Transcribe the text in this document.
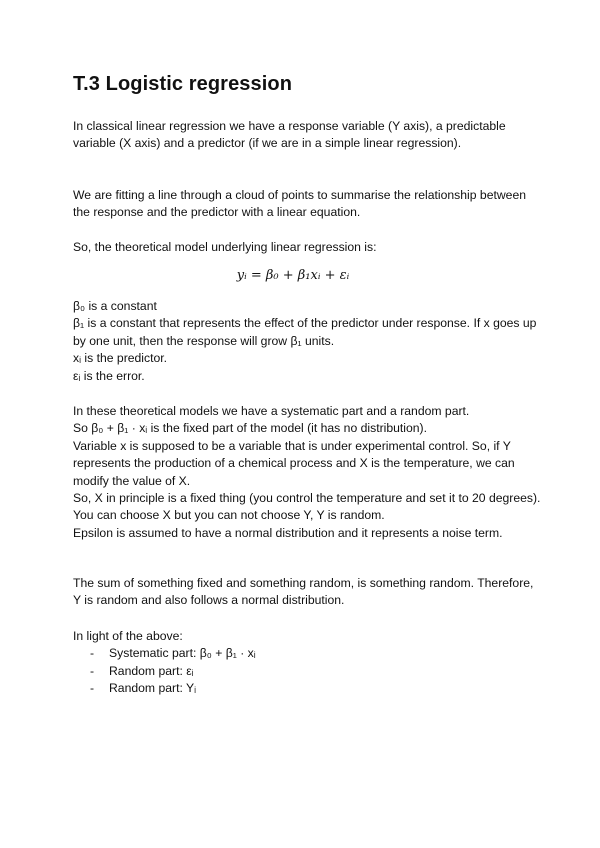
T.3 Logistic regression

In classical linear regression we have a response variable (Y axis), a predictable variable (X axis) and a predictor (if we are in a simple linear regression).

We are fitting a line through a cloud of points to summarise the relationship between the response and the predictor with a linear equation.

So, the theoretical model underlying linear regression is:

yᵢ = β₀ + β₁xᵢ + εᵢ

β₀ is a constant

β₁ is a constant that represents the effect of the predictor under response. If x goes up by one unit, then the response will grow β₁ units.

xᵢ is the predictor.

εᵢ is the error.

In these theoretical models we have a systematic part and a random part.

So β₀ + β₁ · xᵢ is the fixed part of the model (it has no distribution).

Variable x is supposed to be a variable that is under experimental control. So, if Y represents the production of a chemical process and X is the temperature, we can modify the value of X.

So, X in principle is a fixed thing (you control the temperature and set it to 20 degrees). You can choose X but you can not choose Y, Y is random.

Epsilon is assumed to have a normal distribution and it represents a noise term.

The sum of something fixed and something random, is something random. Therefore, Y is random and also follows a normal distribution.

In light of the above:

- Systematic part: β₀ + β₁ · xᵢ
- Random part: εᵢ
- Random part: Yᵢ
